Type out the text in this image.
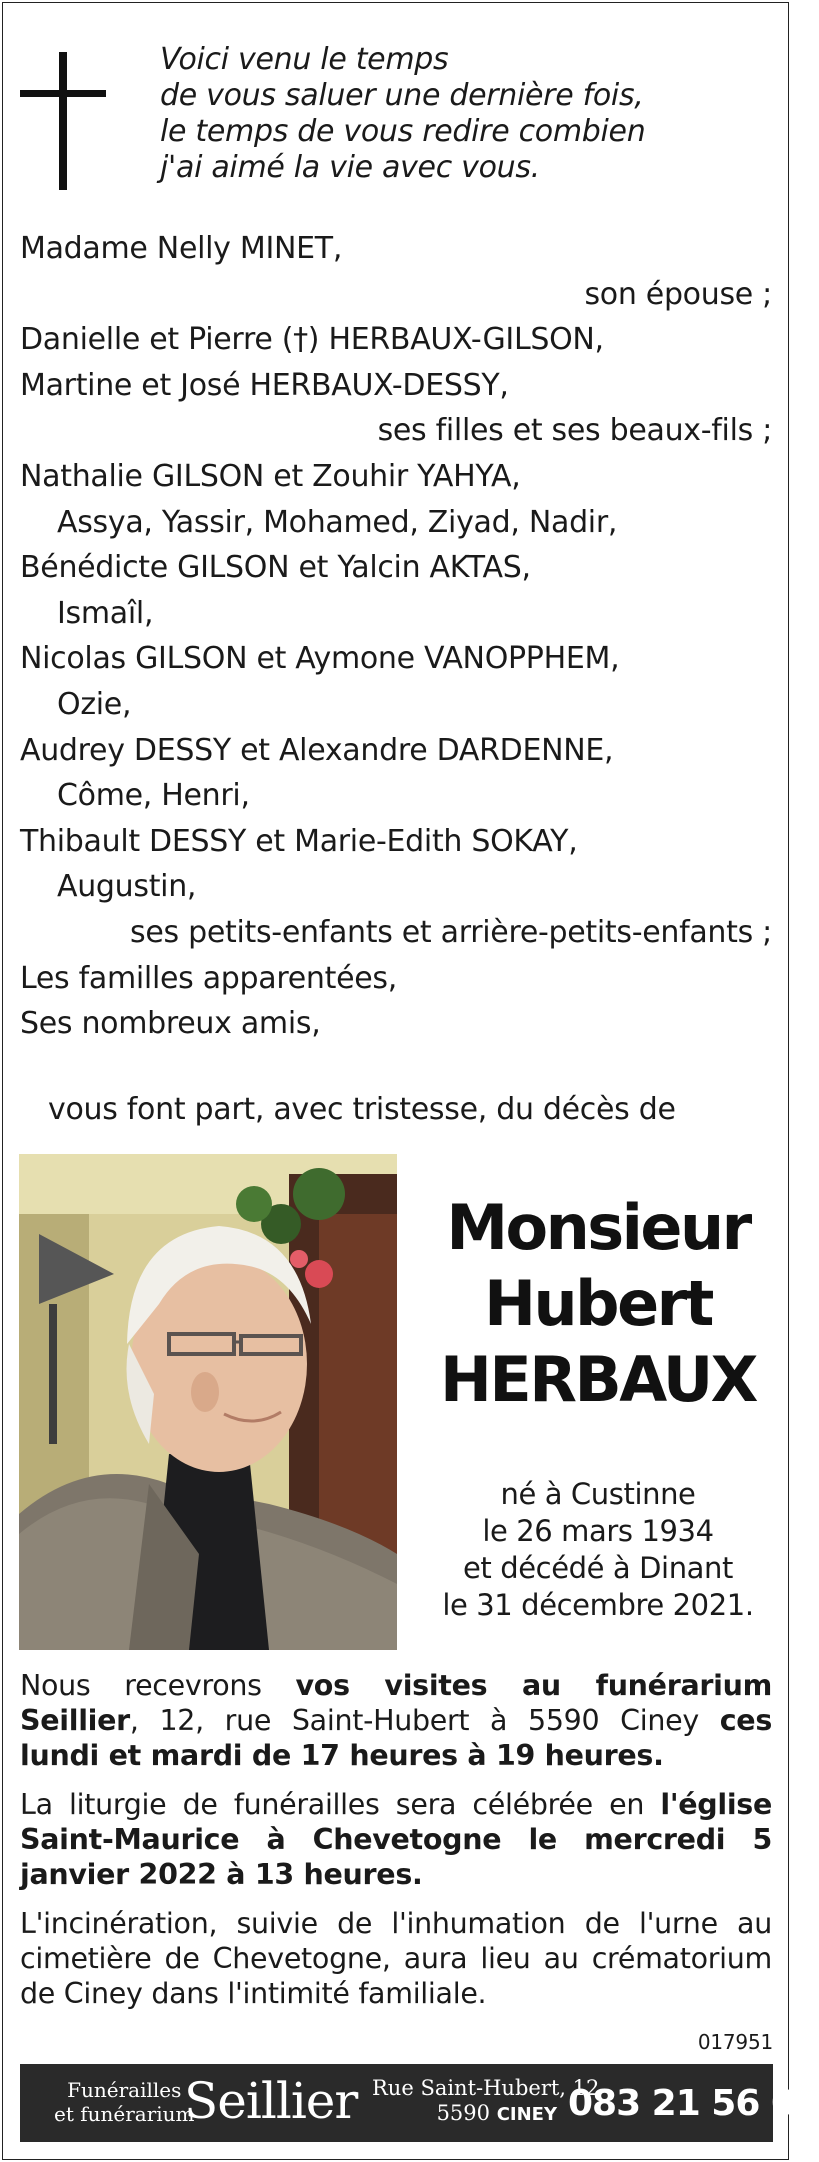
Voici venu le temps
de vous saluer une dernière fois,
le temps de vous redire combien
j'ai aimé la vie avec vous.
Madame Nelly MINET,
son épouse ;
Danielle et Pierre (†) HERBAUX-GILSON,
Martine et José HERBAUX-DESSY,
ses filles et ses beaux-fils ;
Nathalie GILSON et Zouhir YAHYA,
Assya, Yassir, Mohamed, Ziyad, Nadir,
Bénédicte GILSON et Yalcin AKTAS,
Ismaîl,
Nicolas GILSON et Aymone VANOPPHEM,
Ozie,
Audrey DESSY et Alexandre DARDENNE,
Côme, Henri,
Thibault DESSY et Marie-Edith SOKAY,
Augustin,
ses petits-enfants et arrière-petits-enfants ;
Les familles apparentées,
Ses nombreux amis,
vous font part, avec tristesse, du décès de
Monsieur
Hubert
HERBAUX
né à Custinne
le 26 mars 1934
et décédé à Dinant
le 31 décembre 2021.
Nous recevrons vos visites au funérarium Seillier, 12, rue Saint-Hubert à 5590 Ciney ces lundi et mardi de 17 heures à 19 heures.
La liturgie de funérailles sera célébrée en l'église Saint-Maurice à Chevetogne le mercredi 5 janvier 2022 à 13 heures.
L'incinération, suivie de l'inhumation de l'urne au cimetière de Chevetogne, aura lieu au crématorium de Ciney dans l'intimité familiale.
017951
Funérailles
et funérarium
Seillier Rue Saint-Hubert, 12
5590 CINEY 083 21 56 02
